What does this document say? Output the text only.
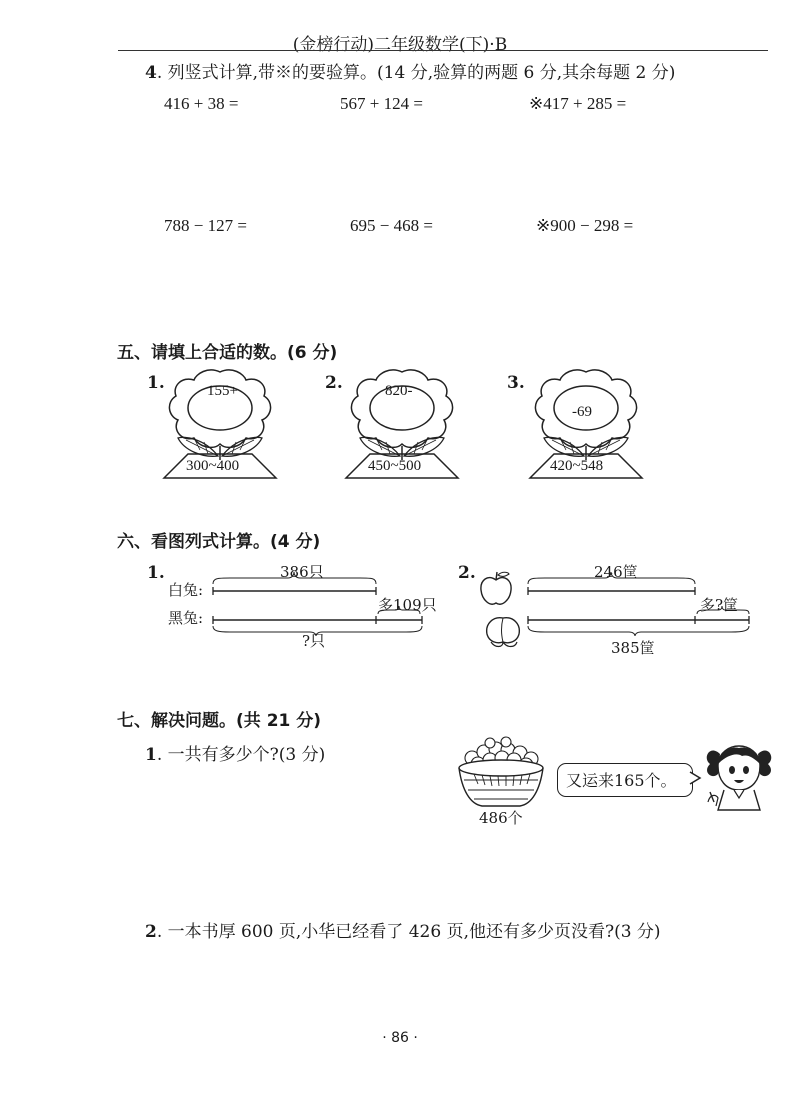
(金榜行动)二年级数学(下)·B
4. 列竖式计算,带※的要验算。(14 分,验算的两题 6 分,其余每题 2 分)
416 + 38 =	567 + 124 =	※417 + 285 =
788 − 127 =	695 − 468 =	※900 − 298 =
五、请填上合适的数。(6 分)
1.	155+
300~400
2.	820-
450~500
3.
-69
420~548
六、看图列式计算。(4 分)
1.
白兔:
黑兔:
386只
多109只
?只
2.	246筐
多?筐
385筐
七、解决问题。(共 21 分)
1. 一共有多少个?(3 分)
486个
又运来165个。
2. 一本书厚 600 页,小华已经看了 426 页,他还有多少页没看?(3 分)
· 86 ·
